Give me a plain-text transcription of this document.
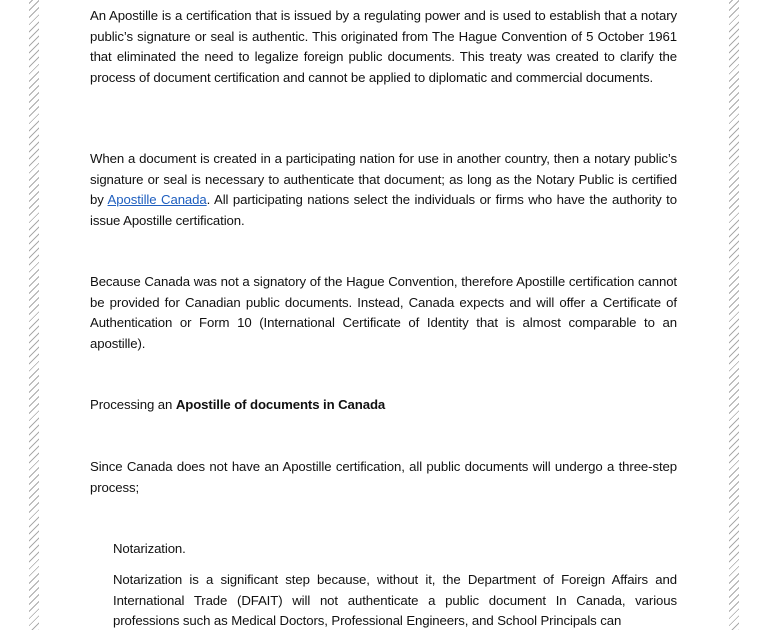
An Apostille is a certification that is issued by a regulating power and is used to establish that a notary public’s signature or seal is authentic. This originated from The Hague Convention of 5 October 1961 that eliminated the need to legalize foreign public documents. This treaty was created to clarify the process of document certification and cannot be applied to diplomatic and commercial documents.

When a document is created in a participating nation for use in another country, then a notary public’s signature or seal is necessary to authenticate that document; as long as the Notary Public is certified by Apostille Canada. All participating nations select the individuals or firms who have the authority to issue Apostille certification.

Because Canada was not a signatory of the Hague Convention, therefore Apostille certification cannot be provided for Canadian public documents. Instead, Canada expects and will offer a Certificate of Authentication or Form 10 (International Certificate of Identity that is almost comparable to an apostille).

Processing an Apostille of documents in Canada

Since Canada does not have an Apostille certification, all public documents will undergo a three-step process;

Notarization.

Notarization is a significant step because, without it, the Department of Foreign Affairs and International Trade (DFAIT) will not authenticate a public document In Canada, various professions such as Medical Doctors, Professional Engineers, and School Principals can
